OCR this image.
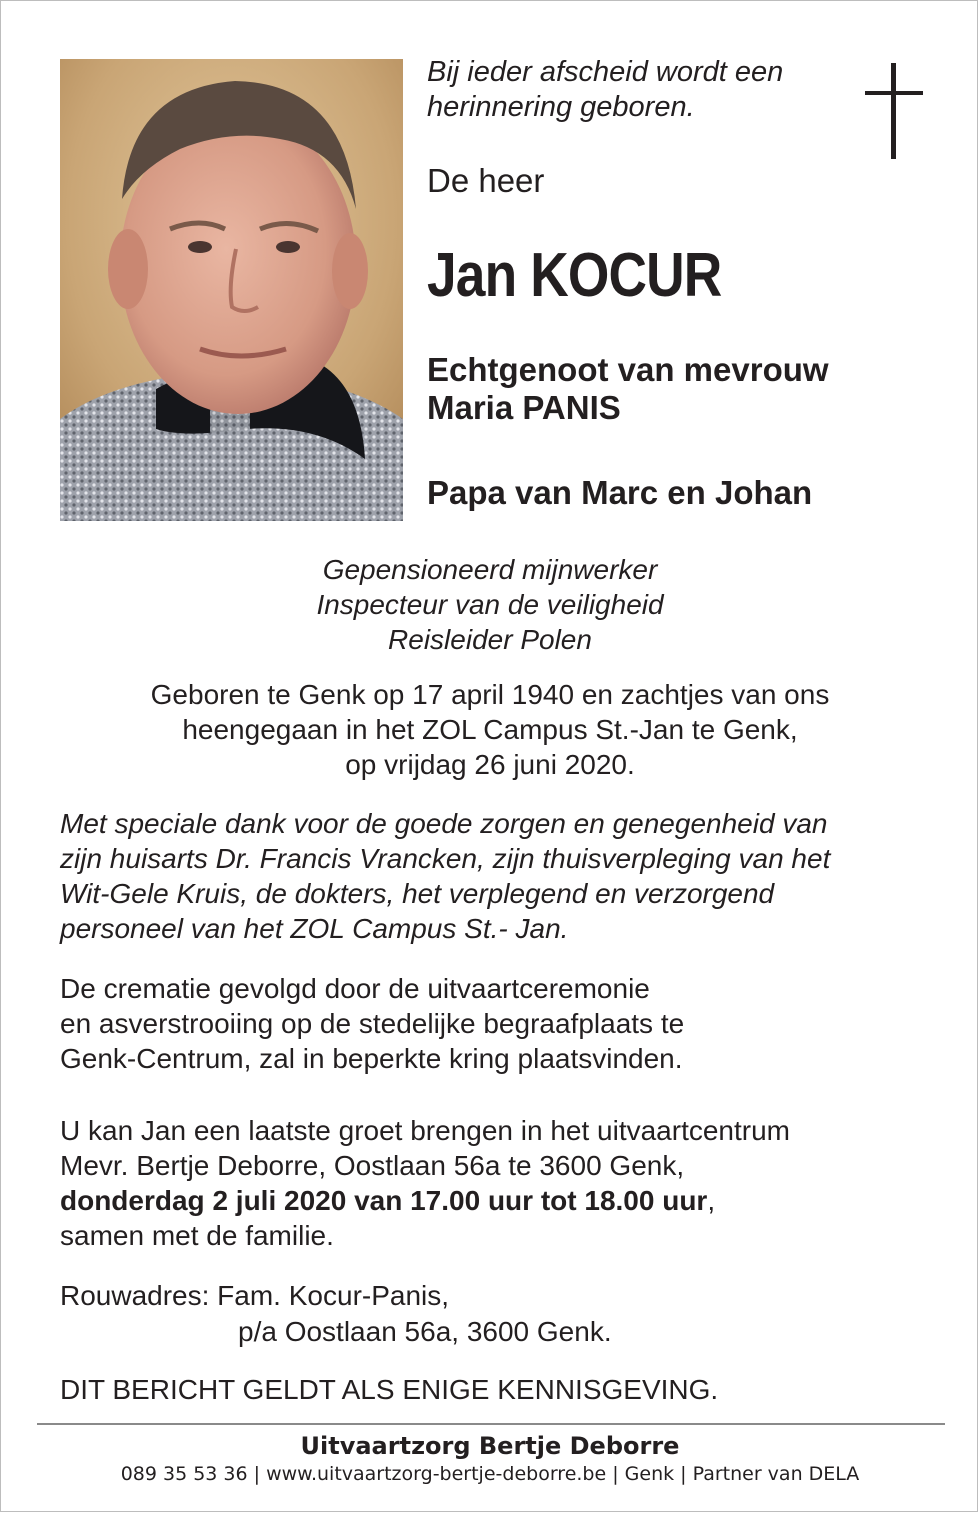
Bij ieder afscheid wordt een
herinnering geboren.
De heer
Jan KOCUR
Echtgenoot van mevrouw
Maria PANIS
Papa van Marc en Johan
Gepensioneerd mijnwerker
Inspecteur van de veiligheid
Reisleider Polen
Geboren te Genk op 17 april 1940 en zachtjes van ons
heengegaan in het ZOL Campus St.-Jan te Genk,
op vrijdag 26 juni 2020.
Met speciale dank voor de goede zorgen en genegenheid van
zijn huisarts Dr. Francis Vrancken, zijn thuisverpleging van het
Wit-Gele Kruis, de dokters, het verplegend en verzorgend
personeel van het ZOL Campus St.- Jan.
De crematie gevolgd door de uitvaartceremonie
en asverstrooiing op de stedelijke begraafplaats te
Genk-Centrum, zal in beperkte kring plaatsvinden.
U kan Jan een laatste groet brengen in het uitvaartcentrum
Mevr. Bertje Deborre, Oostlaan 56a te 3600 Genk,
donderdag 2 juli 2020 van 17.00 uur tot 18.00 uur,
samen met de familie.
Rouwadres: Fam. Kocur-Panis,
p/a Oostlaan 56a, 3600 Genk.
DIT BERICHT GELDT ALS ENIGE KENNISGEVING.
Uitvaartzorg Bertje Deborre
089 35 53 36 | www.uitvaartzorg-bertje-deborre.be | Genk | Partner van DELA
